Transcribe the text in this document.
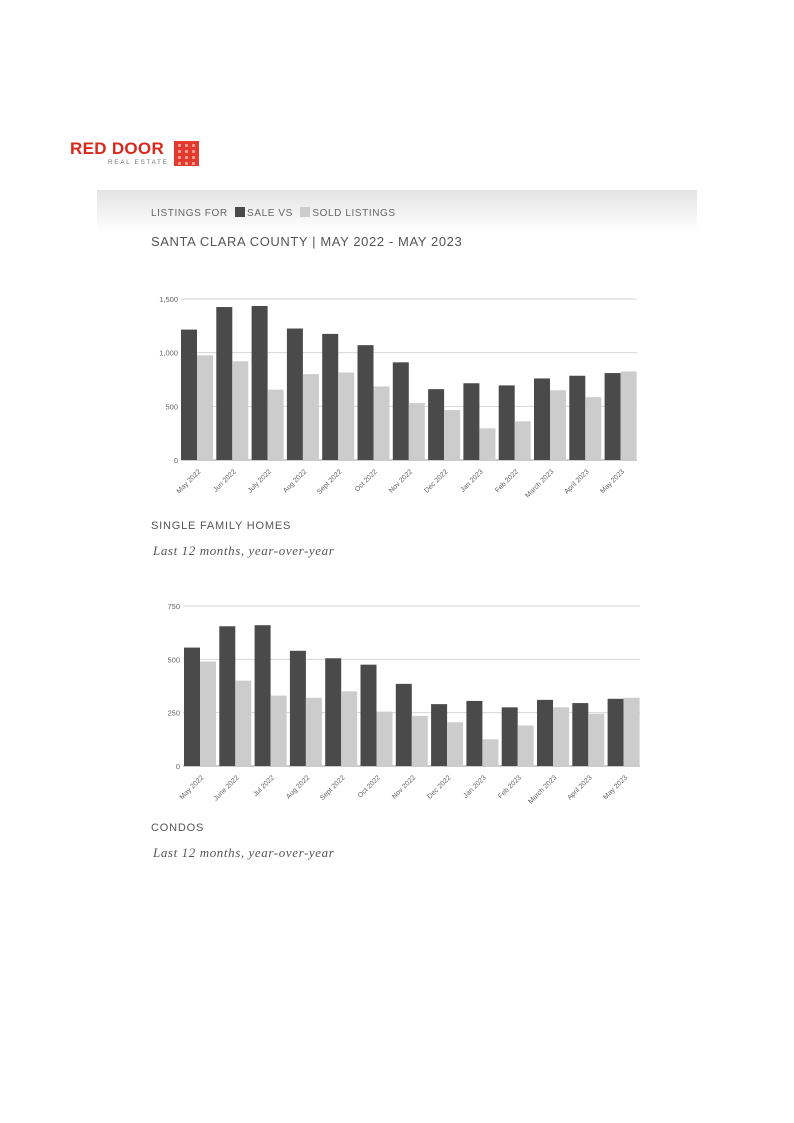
RED DOOR
REAL ESTATE
LISTINGS FOR SALE VS SOLD LISTINGS
SANTA CLARA COUNTY | MAY 2022 - MAY 2023
0
500
1,000
1,500
May 2022 Jun 2022 July 2022 Aug 2022 Sept 2022 Oct 2022 Nov 2022 Dec 2022 Jan 2023 Feb 2022 March 2023 April 2023 May 2023
SINGLE FAMILY HOMES
Last 12 months, year-over-year
0
250
500
750
May 2022 June 2022 Jul 2022 Aug 2022 Sept 2022 Oct 2022 Nov 2022 Dec 2022 Jan 2023 Feb 2023 March 2023 April 2023 May 2023
CONDOS
Last 12 months, year-over-year
